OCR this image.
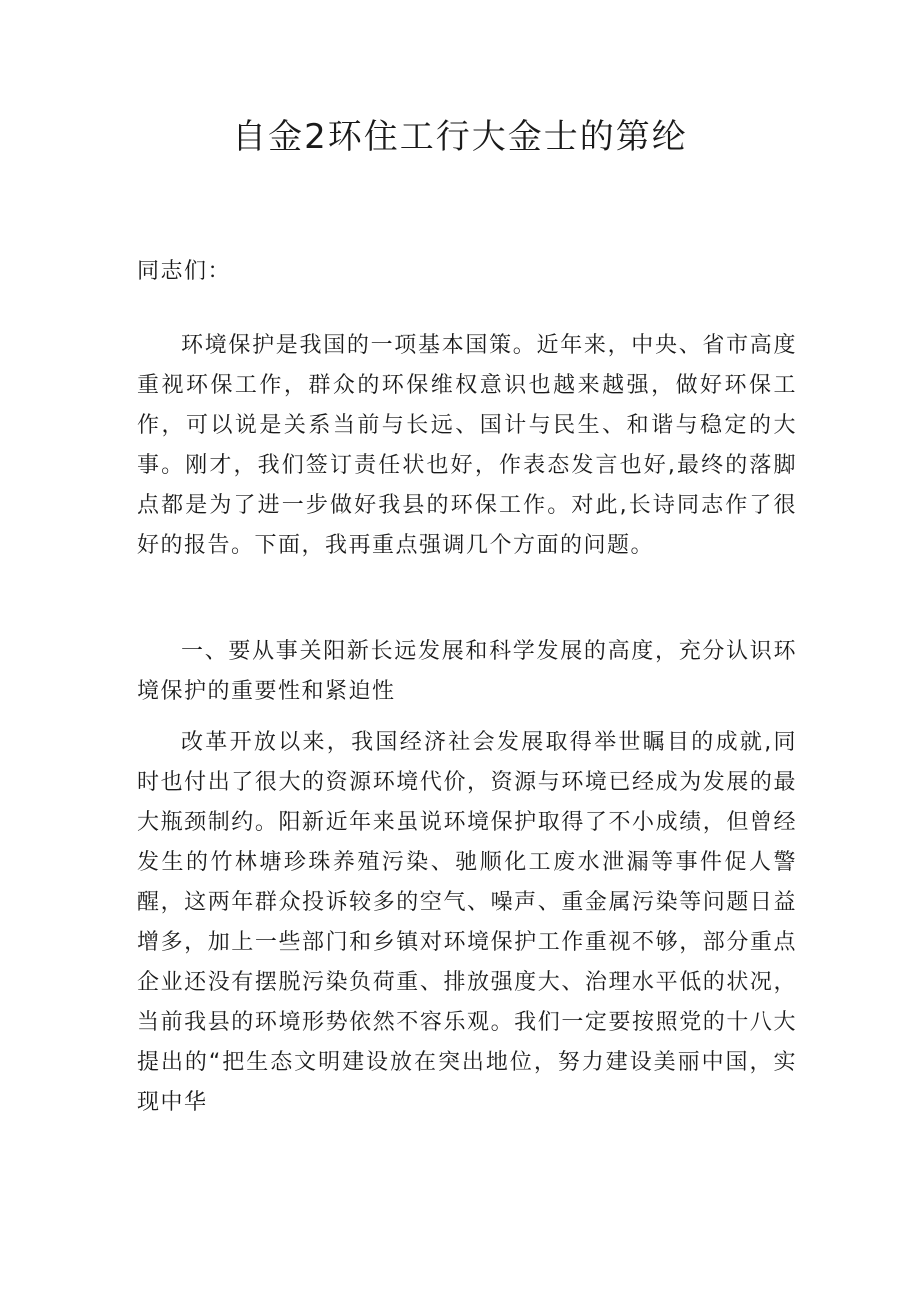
自金2环住工行大金士的第纶

同志们：

环境保护是我国的一项基本国策。近年来，中央、省市高度重视环保工作，群众的环保维权意识也越来越强，做好环保工作，可以说是关系当前与长远、国计与民生、和谐与稳定的大事。刚才，我们签订责任状也好，作表态发言也好,最终的落脚点都是为了进一步做好我县的环保工作。对此,长诗同志作了很好的报告。下面，我再重点强调几个方面的问题。

一、要从事关阳新长远发展和科学发展的高度，充分认识环境保护的重要性和紧迫性

改革开放以来，我国经济社会发展取得举世瞩目的成就,同时也付出了很大的资源环境代价，资源与环境已经成为发展的最大瓶颈制约。阳新近年来虽说环境保护取得了不小成绩，但曾经发生的竹林塘珍珠养殖污染、驰顺化工废水泄漏等事件促人警醒，这两年群众投诉较多的空气、噪声、重金属污染等问题日益增多，加上一些部门和乡镇对环境保护工作重视不够，部分重点企业还没有摆脱污染负荷重、排放强度大、治理水平低的状况，当前我县的环境形势依然不容乐观。我们一定要按照党的十八大提出的“把生态文明建设放在突出地位，努力建设美丽中国，实现中华
